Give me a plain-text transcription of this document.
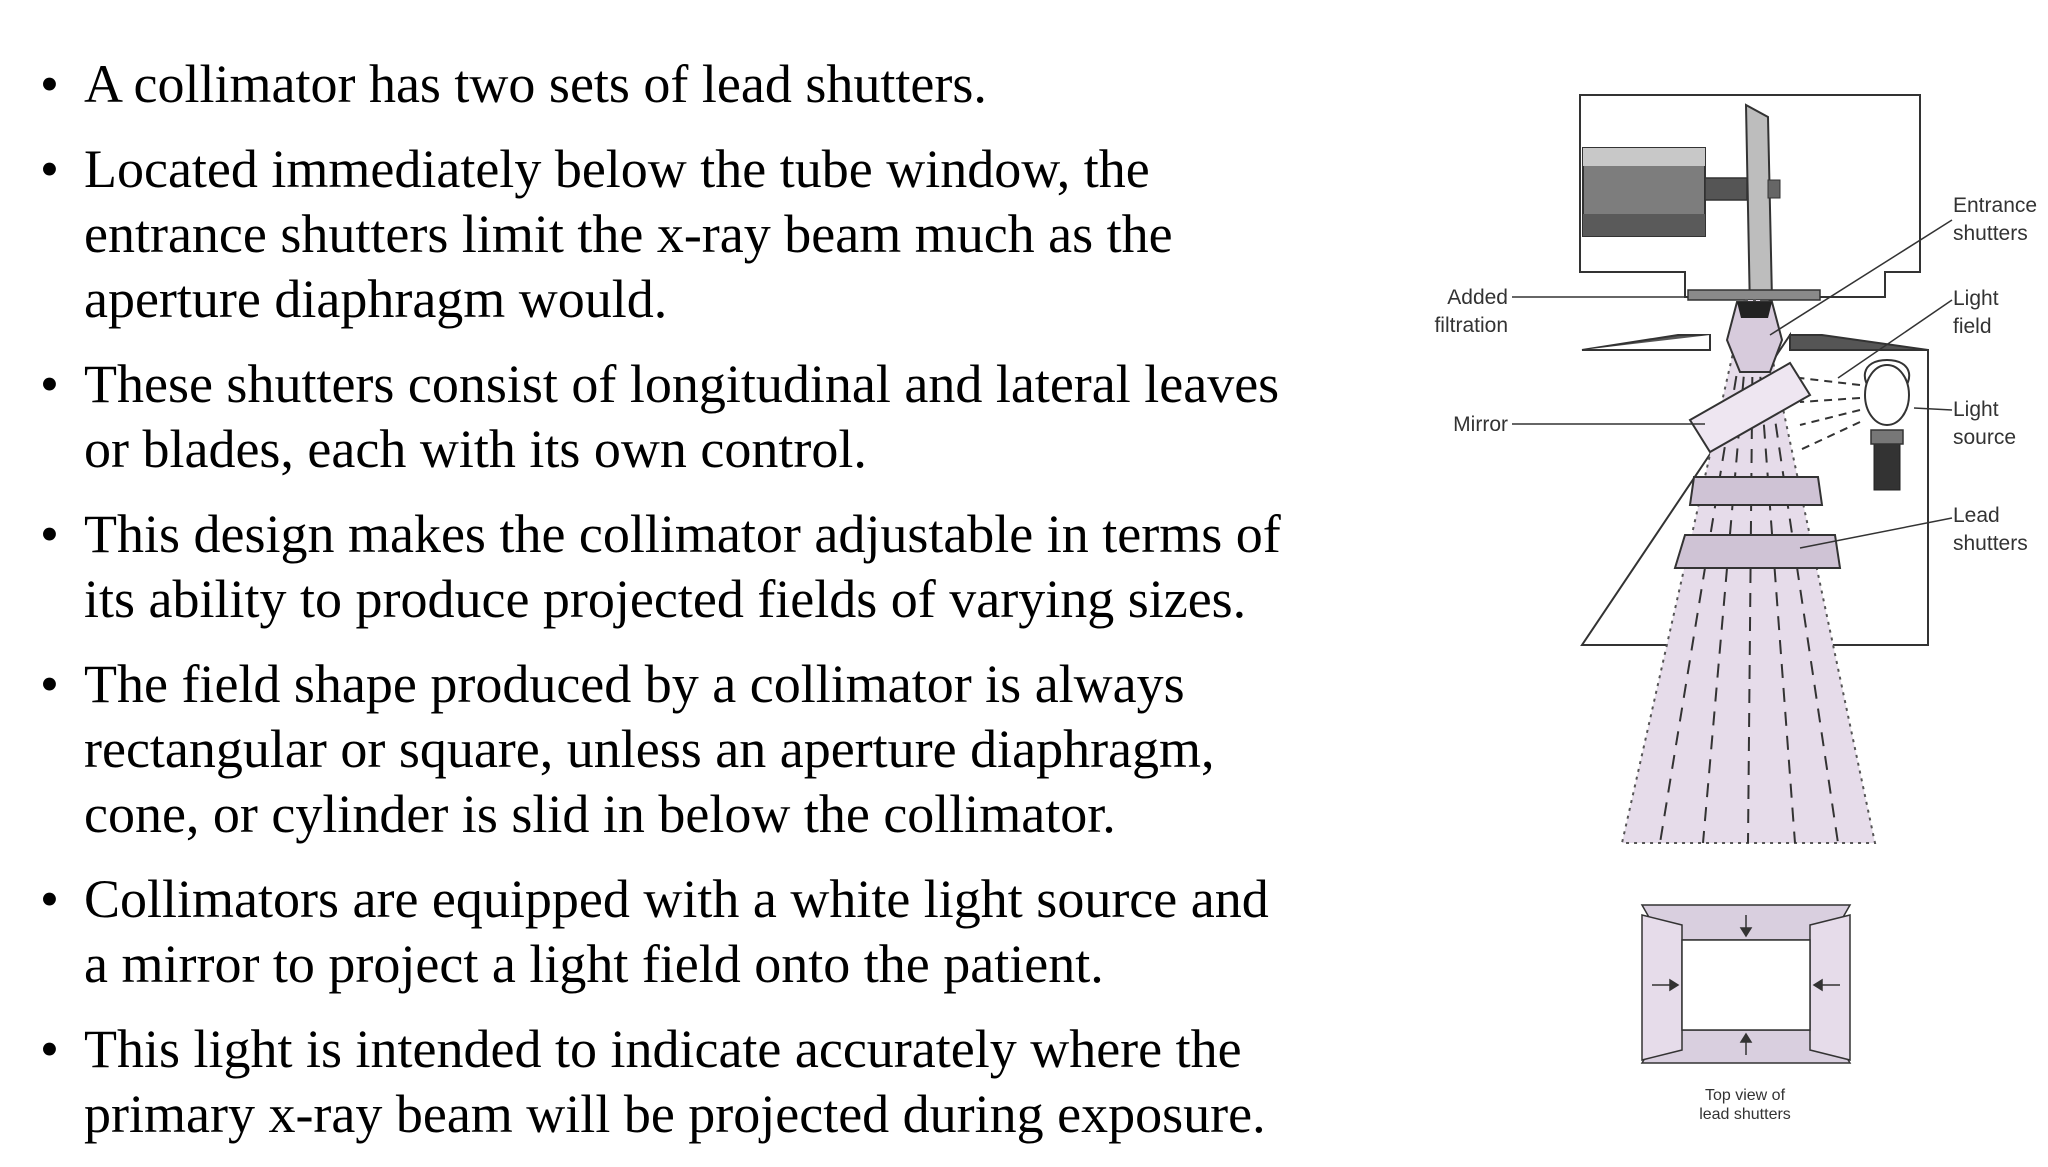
• A collimator has two sets of lead shutters.
• Located immediately below the tube window, the
entrance shutters limit the x-ray beam much as the
aperture diaphragm would.
• These shutters consist of longitudinal and lateral leaves
or blades, each with its own control.
• This design makes the collimator adjustable in terms of
its ability to produce projected fields of varying sizes.
• The field shape produced by a collimator is always
rectangular or square, unless an aperture diaphragm,
cone, or cylinder is slid in below the collimator.
• Collimators are equipped with a white light source and
a mirror to project a light field onto the patient.
• This light is intended to indicate accurately where the
primary x-ray beam will be projected during exposure.
Entrance shutters
Light field
Light source
Lead shutters
Added filtration
Mirror
Top view of lead shutters
